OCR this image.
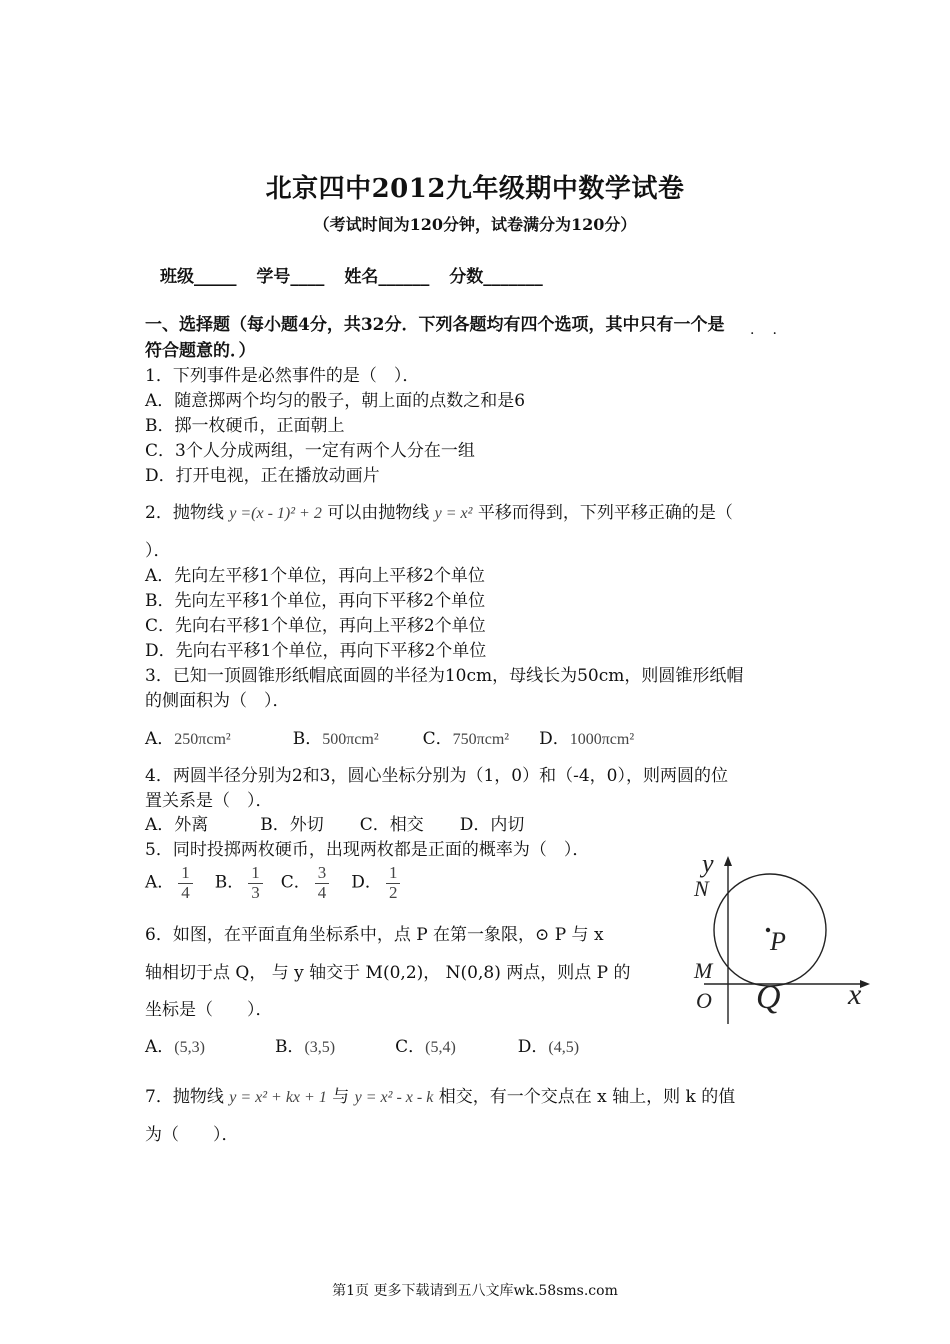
北京四中2012九年级期中数学试卷
（考试时间为120分钟，试卷满分为120分）
班级_____ 学号____ 姓名______ 分数_______
一、选择题（每小题4分，共32分．下列各题均有四个选项，其中只有一个是 ··
符合题意的．）
1．下列事件是必然事件的是（　）．
A．随意掷两个均匀的骰子，朝上面的点数之和是6
B．掷一枚硬币，正面朝上
C．3个人分成两组，一定有两个人分在一组
D．打开电视，正在播放动画片
2．抛物线 y =(x - 1)² + 2 可以由抛物线 y = x² 平移而得到，下列平移正确的是（
）．
A．先向左平移1个单位，再向上平移2个单位
B．先向左平移1个单位，再向下平移2个单位
C．先向右平移1个单位，再向上平移2个单位
D．先向右平移1个单位，再向下平移2个单位
3．已知一顶圆锥形纸帽底面圆的半径为10cm，母线长为50cm，则圆锥形纸帽
的侧面积为（　）．
A．250πcm²	B．500πcm²	C．750πcm² D．1000πcm²
4．两圆半径分别为2和3，圆心坐标分别为（1，0）和（-4，0），则两圆的位
置关系是（　）．
A．外离	B．外切 C．相交 D．内切
5．同时投掷两枚硬币，出现两枚都是正面的概率为（　）．
A． $\frac{1}{4}$ B． $\frac{1}{3}$ C． $\frac{3}{4}$ D． $\frac{1}{2}$
6．如图，在平面直角坐标系中，点 P 在第一象限，⊙ P 与 x
轴相切于点 Q， 与 y 轴交于 M(0,2)， N(0,8) 两点，则点 P 的
坐标是（　　）．
A．(5,3)	B．(3,5)	C．(5,4)	D．(4,5)
y
N
M
O Q
P
x
7．抛物线 y = x² + kx + 1 与 y = x² - x - k 相交，有一个交点在 x 轴上，则 k 的值
为（　　）．
第1页 更多下载请到五八文库wk.58sms.com
